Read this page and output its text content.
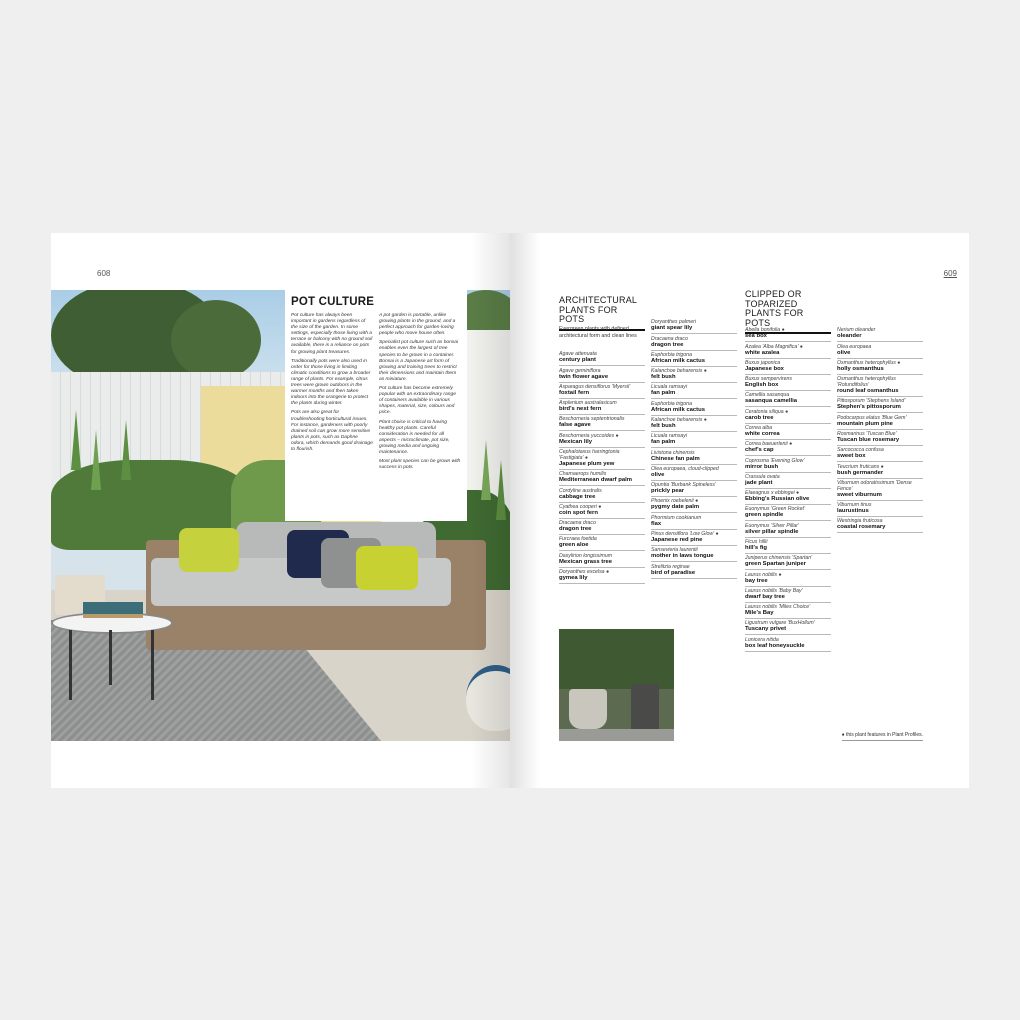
608
POT CULTURE

Pot culture has always been important in gardens regardless of the size of the garden. In some settings, especially those living with a terrace or balcony with no ground soil available, there is a reliance on pots for growing plant treasures.

Traditionally pots were also used in order for those living in limiting climatic conditions to grow a broader range of plants. For example, citrus trees were grown outdoors in the warmer months and then taken indoors into the orangerie to protect the plants during winter.

Pots are also great for troubleshooting horticultural issues. For instance, gardeners with poorly drained soil can grow more sensitive plants in pots, such as Daphne odora, which demands good drainage to flourish.

A pot garden is portable, unlike growing plants in the ground, and a perfect approach for garden-loving people who move house often.

Specialist pot culture such as bonsai enables even the largest of tree species to be grown in a container. Bonsai is a Japanese art form of growing and training trees to restrict their dimensions and maintain them as miniature.

Pot culture has become extremely popular with an extraordinary range of containers available in various shapes, material, size, colours and price.

Plant choice is critical to having healthy pot plants. Careful consideration is needed for all aspects – microclimate, pot size, growing media and ongoing maintenance.

Most plant species can be grown with success in pots.

609
ARCHITECTURAL PLANTS FOR POTS
Evergreen plants with defined architectural form and clean lines
Agave attenuata
century plant
Agave geminiflora
twin flower agave
Asparagus densiflorus 'Myersii'
foxtail fern
Asplenium australasicum
bird's nest fern
Beschorneria septentrionalis
false agave
Beschorneria yuccoides ●
Mexican lily
Cephalotaxus harringtonia 'Fastigiata' ●
Japanese plum yew
Chamaerops humilis
Mediterranean dwarf palm
Cordyline australis
cabbage tree
Cyathea cooperi ●
coin spot fern
Dracaena draco
dragon tree
Furcraea foetida
green aloe
Dasylirion longissimum
Mexican grass tree
Doryanthes excelsa ●
gymea lily
Doryanthes palmeri
giant spear lily
Dracaena draco
dragon tree
Euphorbia trigona
African milk cactus
Kalanchoe beharensis ●
felt bush
Licuala ramsayi
fan palm
Euphorbia trigona
African milk cactus
Kalanchoe beharensis ●
felt bush
Licuala ramsayi
fan palm
Livistona chinensis
Chinese fan palm
Olea europaea, cloud-clipped
olive
Opuntia 'Burbank Spineless'
prickly pear
Phoenix roebelenii ●
pygmy date palm
Phormium cookianum
flax
Pinus densiflora 'Low Glow' ●
Japanese red pine
Sansevieria laurentii
mother in laws tongue
Strelitzia reginae
bird of paradise
CLIPPED OR TOPARIZED PLANTS FOR POTS
Abelia bonifolia ●
sea box
Azalea 'Alba Magnifica' ●
white azalea
Buxus japonica
Japanese box
Buxus sempervirens
English box
Camellia sasanqua
sasanqua camellia
Ceratonia siliqua ●
carob tree
Correa alba
white correa
Correa baeuerlenii ●
chef's cap
Coprosma 'Evening Glow'
mirror bush
Crassula ovata
jade plant
Elaeagnus x ebbingei ●
Ebbing's Russian olive
Euonymus 'Green Rocket'
green spindle
Euonymus 'Silver Pillar'
silver pillar spindle
Ficus hillii
hill's fig
Juniperus chinensis 'Spartan'
green Spartan juniper
Laurus nobilis ●
bay tree
Laurus nobilis 'Baby Bay'
dwarf bay tree
Laurus nobilis 'Miles Choice'
Mile's Bay
Ligustrum vulgare 'BuxHollum'
Tuscany privet
Lonicera nitida
box leaf honeysuckle
Nerium oleander
oleander
Olea europaea
olive
Osmanthus heterophyllus ●
holly osmanthus
Osmanthus heterophyllus 'Rotundifolius'
round leaf osmanthus
Pittosporum 'Stephens Island'
Stephen's pittosporum
Podocarpus elatus 'Blue Gem'
mountain plum pine
Rosmarinus 'Tuscan Blue'
Tuscan blue rosemary
Sarcococca confusa
sweet box
Teucrium fruticans ●
bush germander
Viburnum odoratissimum 'Dense Fence'
sweet viburnum
Viburnum tinus
laurustinus
Westringia fruticosa
coastal rosemary
● this plant features in Plant Profiles.
